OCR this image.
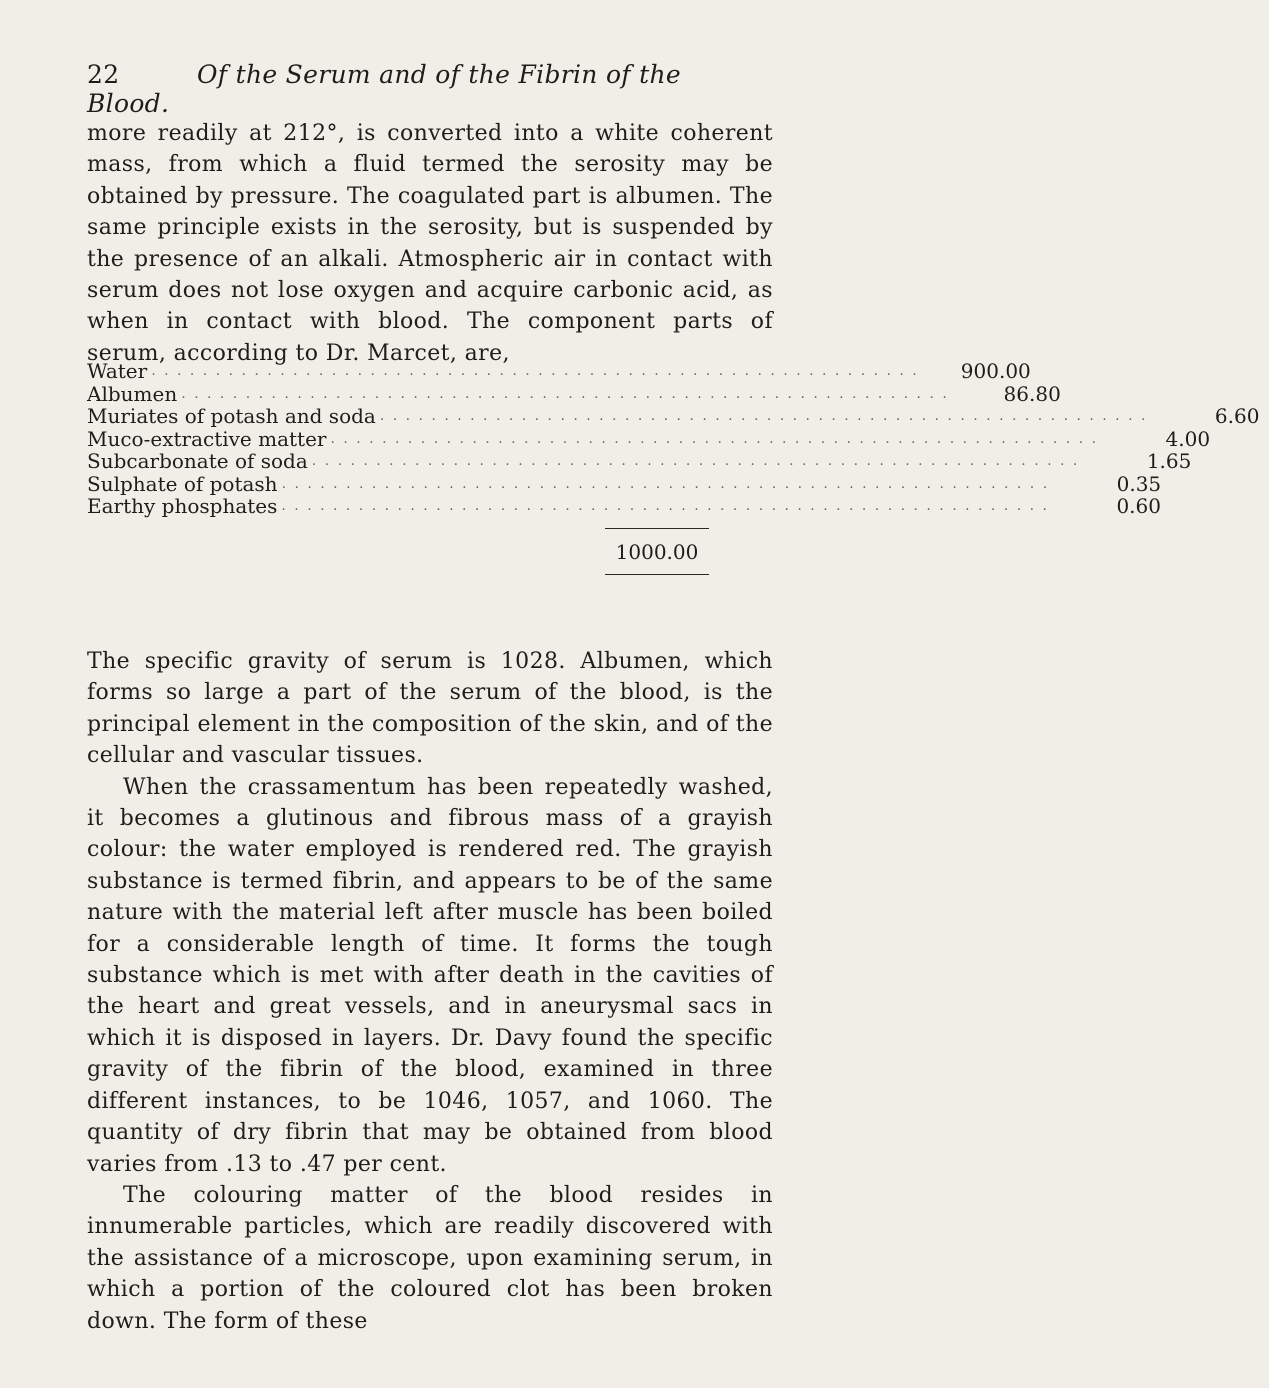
22	Of the Serum and of the Fibrin of the Blood.

more readily at 212°, is converted into a white coherent mass, from which a fluid termed the serosity may be obtained by pressure. The coagulated part is albumen. The same principle exists in the serosity, but is suspended by the presence of an alkali. Atmospheric air in contact with serum does not lose oxygen and acquire carbonic acid, as when in contact with blood. The component parts of serum, according to Dr. Marcet, are,

Water . . . . . . . . . . . . . . . . . . . . . . . . . . . . . . . . . . . . . . . . . . . . . . . . . . . . . . . . . . . .	900.00
Albumen . . . . . . . . . . . . . . . . . . . . . . . . . . . . . . . . . . . . . . . . . . . . . . . . . . . . . . . . . . . .	86.80
Muriates of potash and soda . . . . . . . . . . . . . . . . . . . . . . . . . . . . . . . . . . . . . . . . . . . . . . . . . . . . . . . . . . . .	6.60
Muco-extractive matter . . . . . . . . . . . . . . . . . . . . . . . . . . . . . . . . . . . . . . . . . . . . . . . . . . . . . . . . . . . .	4.00
Subcarbonate of soda . . . . . . . . . . . . . . . . . . . . . . . . . . . . . . . . . . . . . . . . . . . . . . . . . . . . . . . . . . . .	1.65
Sulphate of potash . . . . . . . . . . . . . . . . . . . . . . . . . . . . . . . . . . . . . . . . . . . . . . . . . . . . . . . . . . . .	0.35
Earthy phosphates . . . . . . . . . . . . . . . . . . . . . . . . . . . . . . . . . . . . . . . . . . . . . . . . . . . . . . . . . . . .	0.60
1000.00
The specific gravity of serum is 1028. Albumen, which forms so large a part of the serum of the blood, is the principal element in the composition of the skin, and of the cellular and vascular tissues.
When the crassamentum has been repeatedly washed, it becomes a glutinous and fibrous mass of a grayish colour: the water employed is rendered red. The grayish substance is termed fibrin, and appears to be of the same nature with the material left after muscle has been boiled for a considerable length of time. It forms the tough substance which is met with after death in the cavities of the heart and great vessels, and in aneurysmal sacs in which it is disposed in layers. Dr. Davy found the specific gravity of the fibrin of the blood, examined in three different instances, to be 1046, 1057, and 1060. The quantity of dry fibrin that may be obtained from blood varies from .13 to .47 per cent.
The colouring matter of the blood resides in innumerable particles, which are readily discovered with the assistance of a microscope, upon examining serum, in which a portion of the coloured clot has been broken down. The form of these
